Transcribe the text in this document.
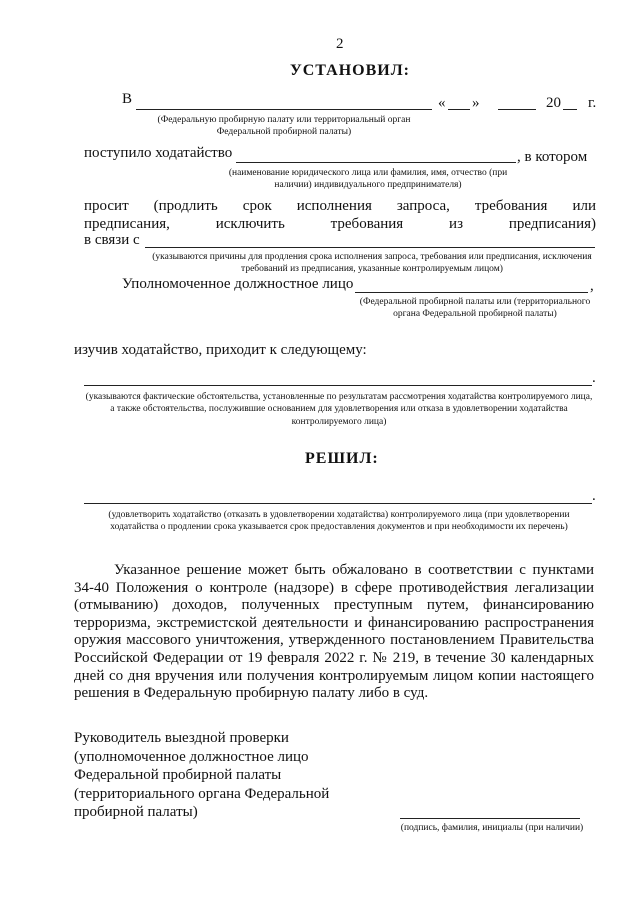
2
УСТАНОВИЛ:
В	« »	20 г.
(Федеральную пробирную палату или территориальный орган Федеральной пробирной палаты)
поступило ходатайство	, в котором
(наименование юридического лица или фамилия, имя, отчество (при наличии) индивидуального предпринимателя)
просит (продлить срок исполнения запроса, требования или
предписания, исключить требования из предписания)
в связи с
(указываются причины для продления срока исполнения запроса, требования или предписания, исключения требований из предписания, указанные контролируемым лицом)
Уполномоченное должностное лицо	,
(Федеральной пробирной палаты или (территориального органа Федеральной пробирной палаты)
изучив ходатайство, приходит к следующему:
.
(указываются фактические обстоятельства, установленные по результатам рассмотрения ходатайства контролируемого лица, а также обстоятельства, послужившие основанием для удовлетворения или отказа в удовлетворении ходатайства контролируемого лица)
РЕШИЛ:
.
(удовлетворить ходатайство (отказать в удовлетворении ходатайства) контролируемого лица (при удовлетворении ходатайства о продлении срока указывается срок предоставления документов и при необходимости их перечень)
Указанное решение может быть обжаловано в соответствии с пунктами 34-40 Положения о контроле (надзоре) в сфере противодействия легализации (отмыванию) доходов, полученных преступным путем, финансированию терроризма, экстремистской деятельности и финансированию распространения оружия массового уничтожения, утвержденного постановлением Правительства Российской Федерации от 19 февраля 2022 г. № 219, в течение 30 календарных дней со дня вручения или получения контролируемым лицом копии настоящего решения в Федеральную пробирную палату либо в суд.
Руководитель выездной проверки (уполномоченное должностное лицо Федеральной пробирной палаты (территориального органа Федеральной пробирной палаты)
(подпись, фамилия, инициалы (при наличии)
